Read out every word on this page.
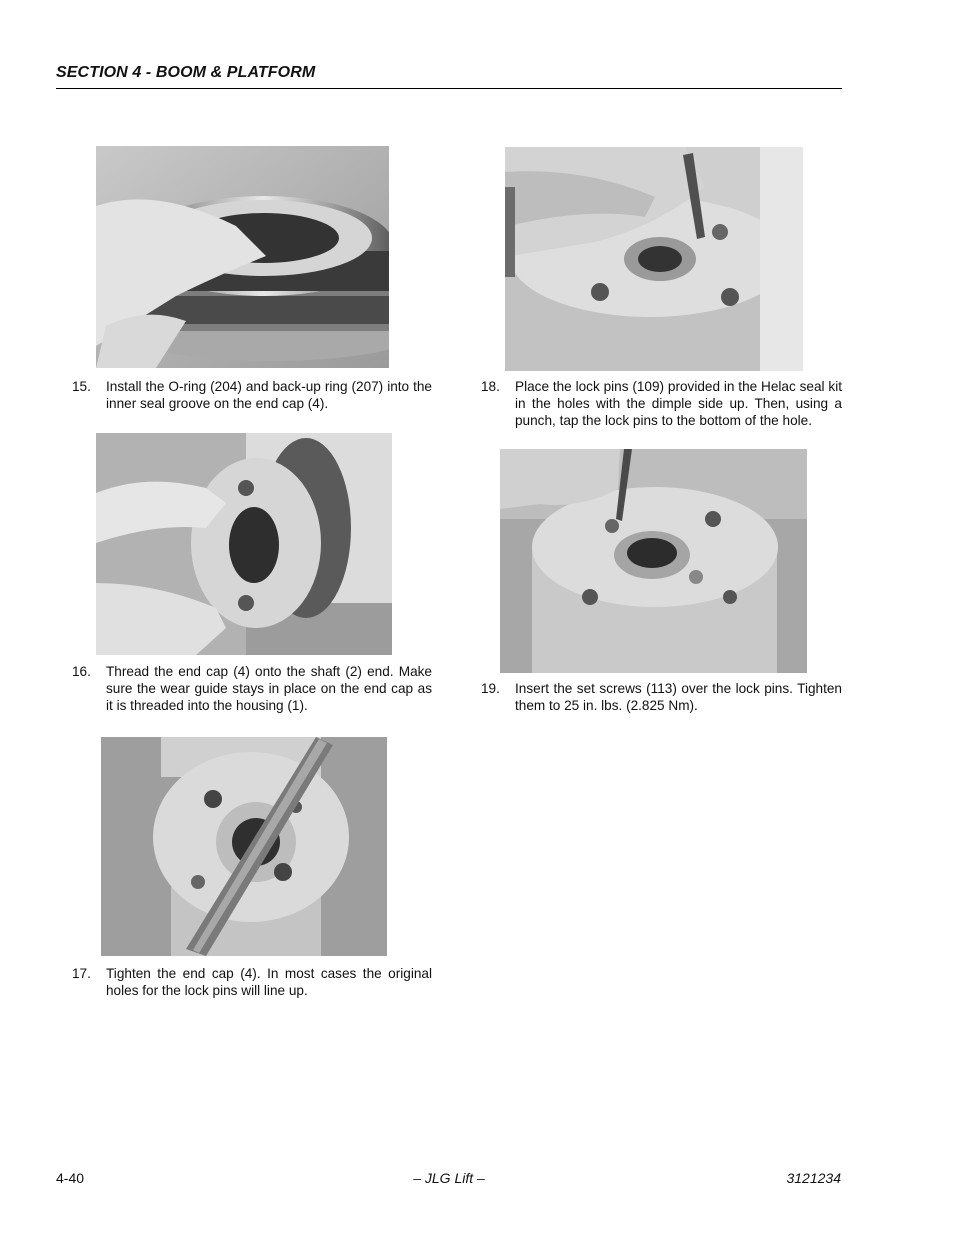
SECTION 4 - BOOM & PLATFORM
15. Install the O-ring (204) and back-up ring (207) into the inner seal groove on the end cap (4).
16. Thread the end cap (4) onto the shaft (2) end. Make sure the wear guide stays in place on the end cap as it is threaded into the housing (1).
17. Tighten the end cap (4). In most cases the original holes for the lock pins will line up.
18. Place the lock pins (109) provided in the Helac seal kit in the holes with the dimple side up. Then, using a punch, tap the lock pins to the bottom of the hole.
19. Insert the set screws (113) over the lock pins. Tighten them to 25 in. lbs. (2.825 Nm).
4-40	– JLG Lift –	3121234
